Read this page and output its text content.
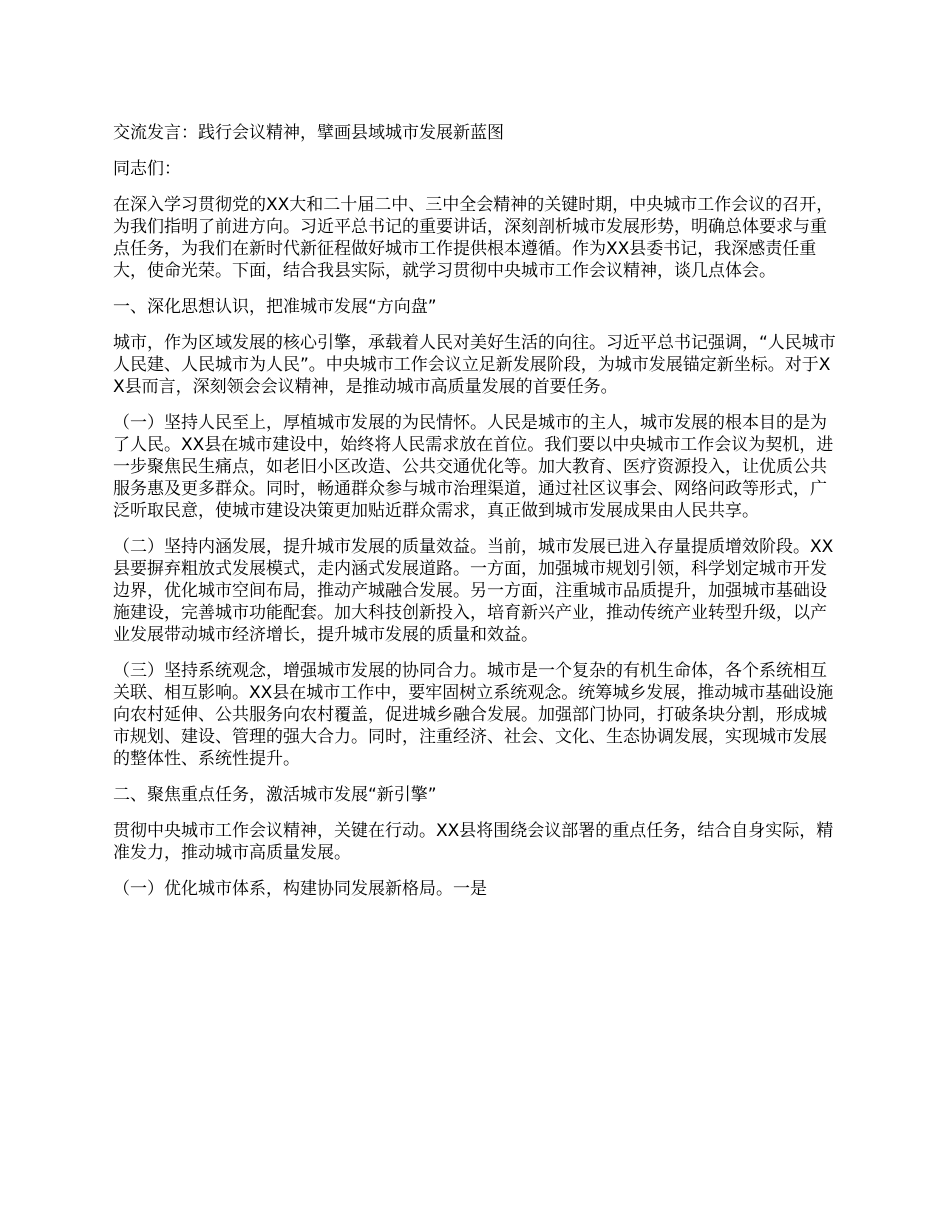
交流发言：践行会议精神，擘画县域城市发展新蓝图

同志们：

在深入学习贯彻党的XX大和二十届二中、三中全会精神的关键时期，中央城市工作会议的召开，为我们指明了前进方向。习近平总书记的重要讲话，深刻剖析城市发展形势，明确总体要求与重点任务，为我们在新时代新征程做好城市工作提供根本遵循。作为XX县委书记，我深感责任重大，使命光荣。下面，结合我县实际，就学习贯彻中央城市工作会议精神，谈几点体会。

一、深化思想认识，把准城市发展“方向盘”

城市，作为区域发展的核心引擎，承载着人民对美好生活的向往。习近平总书记强调，“人民城市人民建、人民城市为人民”。中央城市工作会议立足新发展阶段，为城市发展锚定新坐标。对于XX县而言，深刻领会会议精神，是推动城市高质量发展的首要任务。

（一）坚持人民至上，厚植城市发展的为民情怀。人民是城市的主人，城市发展的根本目的是为了人民。XX县在城市建设中，始终将人民需求放在首位。我们要以中央城市工作会议为契机，进一步聚焦民生痛点，如老旧小区改造、公共交通优化等。加大教育、医疗资源投入，让优质公共服务惠及更多群众。同时，畅通群众参与城市治理渠道，通过社区议事会、网络问政等形式，广泛听取民意，使城市建设决策更加贴近群众需求，真正做到城市发展成果由人民共享。

（二）坚持内涵发展，提升城市发展的质量效益。当前，城市发展已进入存量提质增效阶段。XX县要摒弃粗放式发展模式，走内涵式发展道路。一方面，加强城市规划引领，科学划定城市开发边界，优化城市空间布局，推动产城融合发展。另一方面，注重城市品质提升，加强城市基础设施建设，完善城市功能配套。加大科技创新投入，培育新兴产业，推动传统产业转型升级，以产业发展带动城市经济增长，提升城市发展的质量和效益。

（三）坚持系统观念，增强城市发展的协同合力。城市是一个复杂的有机生命体，各个系统相互关联、相互影响。XX县在城市工作中，要牢固树立系统观念。统筹城乡发展，推动城市基础设施向农村延伸、公共服务向农村覆盖，促进城乡融合发展。加强部门协同，打破条块分割，形成城市规划、建设、管理的强大合力。同时，注重经济、社会、文化、生态协调发展，实现城市发展的整体性、系统性提升。

二、聚焦重点任务，激活城市发展“新引擎”

贯彻中央城市工作会议精神，关键在行动。XX县将围绕会议部署的重点任务，结合自身实际，精准发力，推动城市高质量发展。

（一）优化城市体系，构建协同发展新格局。一是
